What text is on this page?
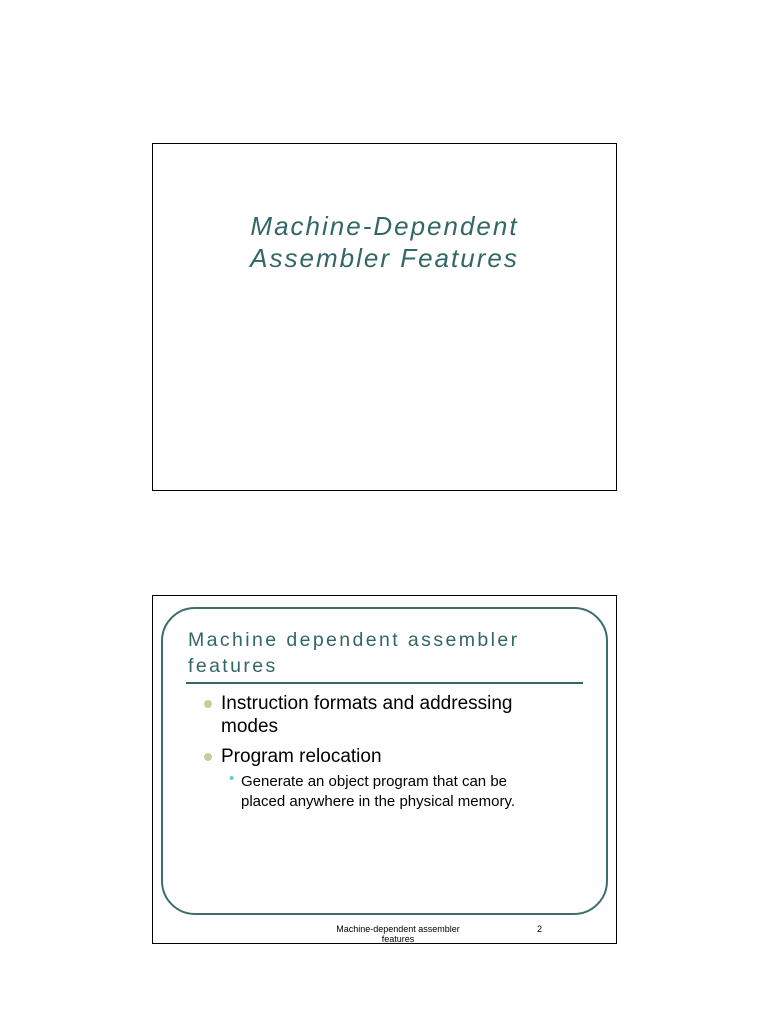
Machine-Dependent
Assembler Features
Machine dependent assembler
features
Instruction formats and addressing
modes
Program relocation
• Generate an object program that can be
placed anywhere in the physical memory.
Machine-dependent assembler features
2
